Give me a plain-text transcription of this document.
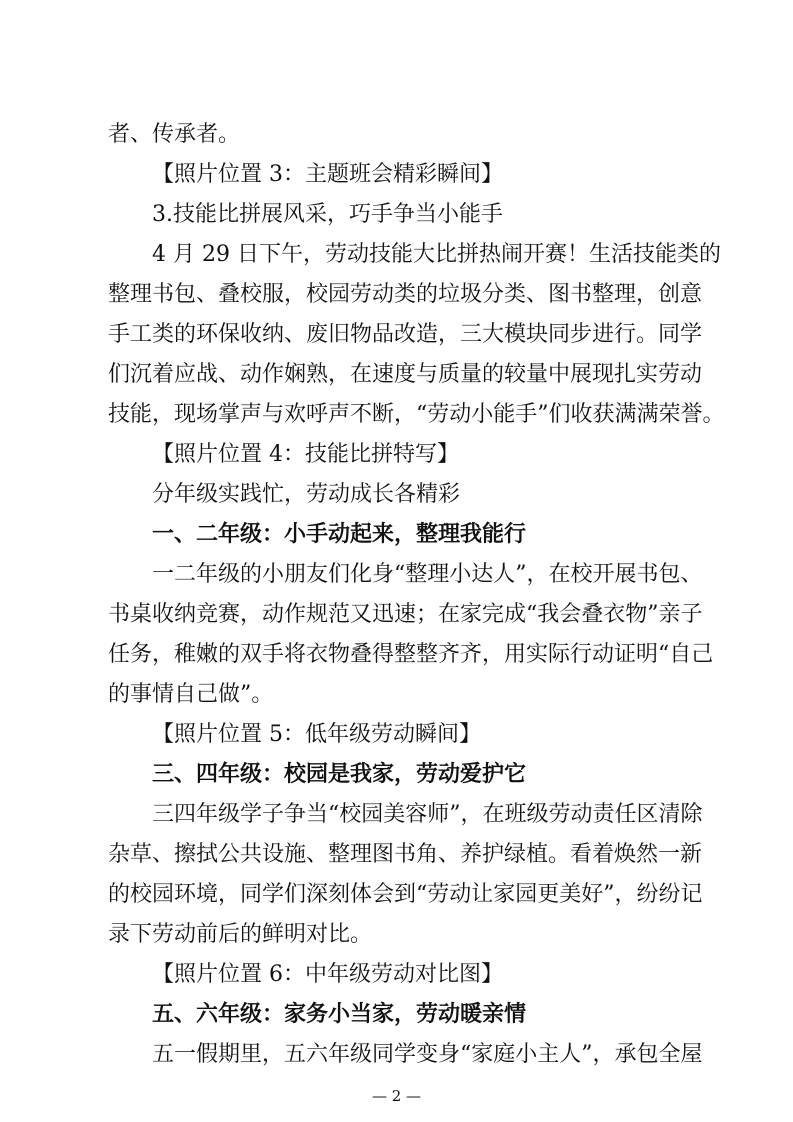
者、传承者。
【照片位置 3：主题班会精彩瞬间】
3.技能比拼展风采，巧手争当小能手
4 月 29 日下午，劳动技能大比拼热闹开赛！生活技能类的
整理书包、叠校服，校园劳动类的垃圾分类、图书整理，创意
手工类的环保收纳、废旧物品改造，三大模块同步进行。同学
们沉着应战、动作娴熟，在速度与质量的较量中展现扎实劳动
技能，现场掌声与欢呼声不断，“劳动小能手”们收获满满荣誉。
【照片位置 4：技能比拼特写】
分年级实践忙，劳动成长各精彩
一、二年级：小手动起来，整理我能行
一二年级的小朋友们化身“整理小达人”，在校开展书包、
书桌收纳竞赛，动作规范又迅速；在家完成“我会叠衣物”亲子
任务，稚嫩的双手将衣物叠得整整齐齐，用实际行动证明“自己
的事情自己做”。
【照片位置 5：低年级劳动瞬间】
三、四年级：校园是我家，劳动爱护它
三四年级学子争当“校园美容师”，在班级劳动责任区清除
杂草、擦拭公共设施、整理图书角、养护绿植。看着焕然一新
的校园环境，同学们深刻体会到“劳动让家园更美好”，纷纷记
录下劳动前后的鲜明对比。
【照片位置 6：中年级劳动对比图】
五、六年级：家务小当家，劳动暖亲情
五一假期里，五六年级同学变身“家庭小主人”，承包全屋
— 2 —
